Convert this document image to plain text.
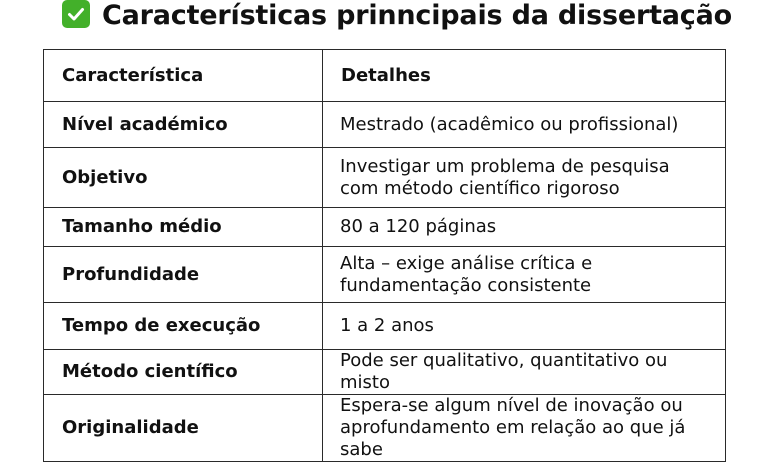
Características prinncipais da dissertação
Característica	Detalhes
Nível académico	Mestrado (acadêmico ou profissional)
Objetivo	Investigar um problema de pesquisa com método científico rigoroso
Tamanho médio	80 a 120 páginas
Profundidade	Alta – exige análise crítica e fundamentação consistente
Tempo de execução	1 a 2 anos
Método científico	Pode ser qualitativo, quantitativo ou misto
Originalidade	Espera-se algum nível de inovação ou aprofundamento em relação ao que já sabe
